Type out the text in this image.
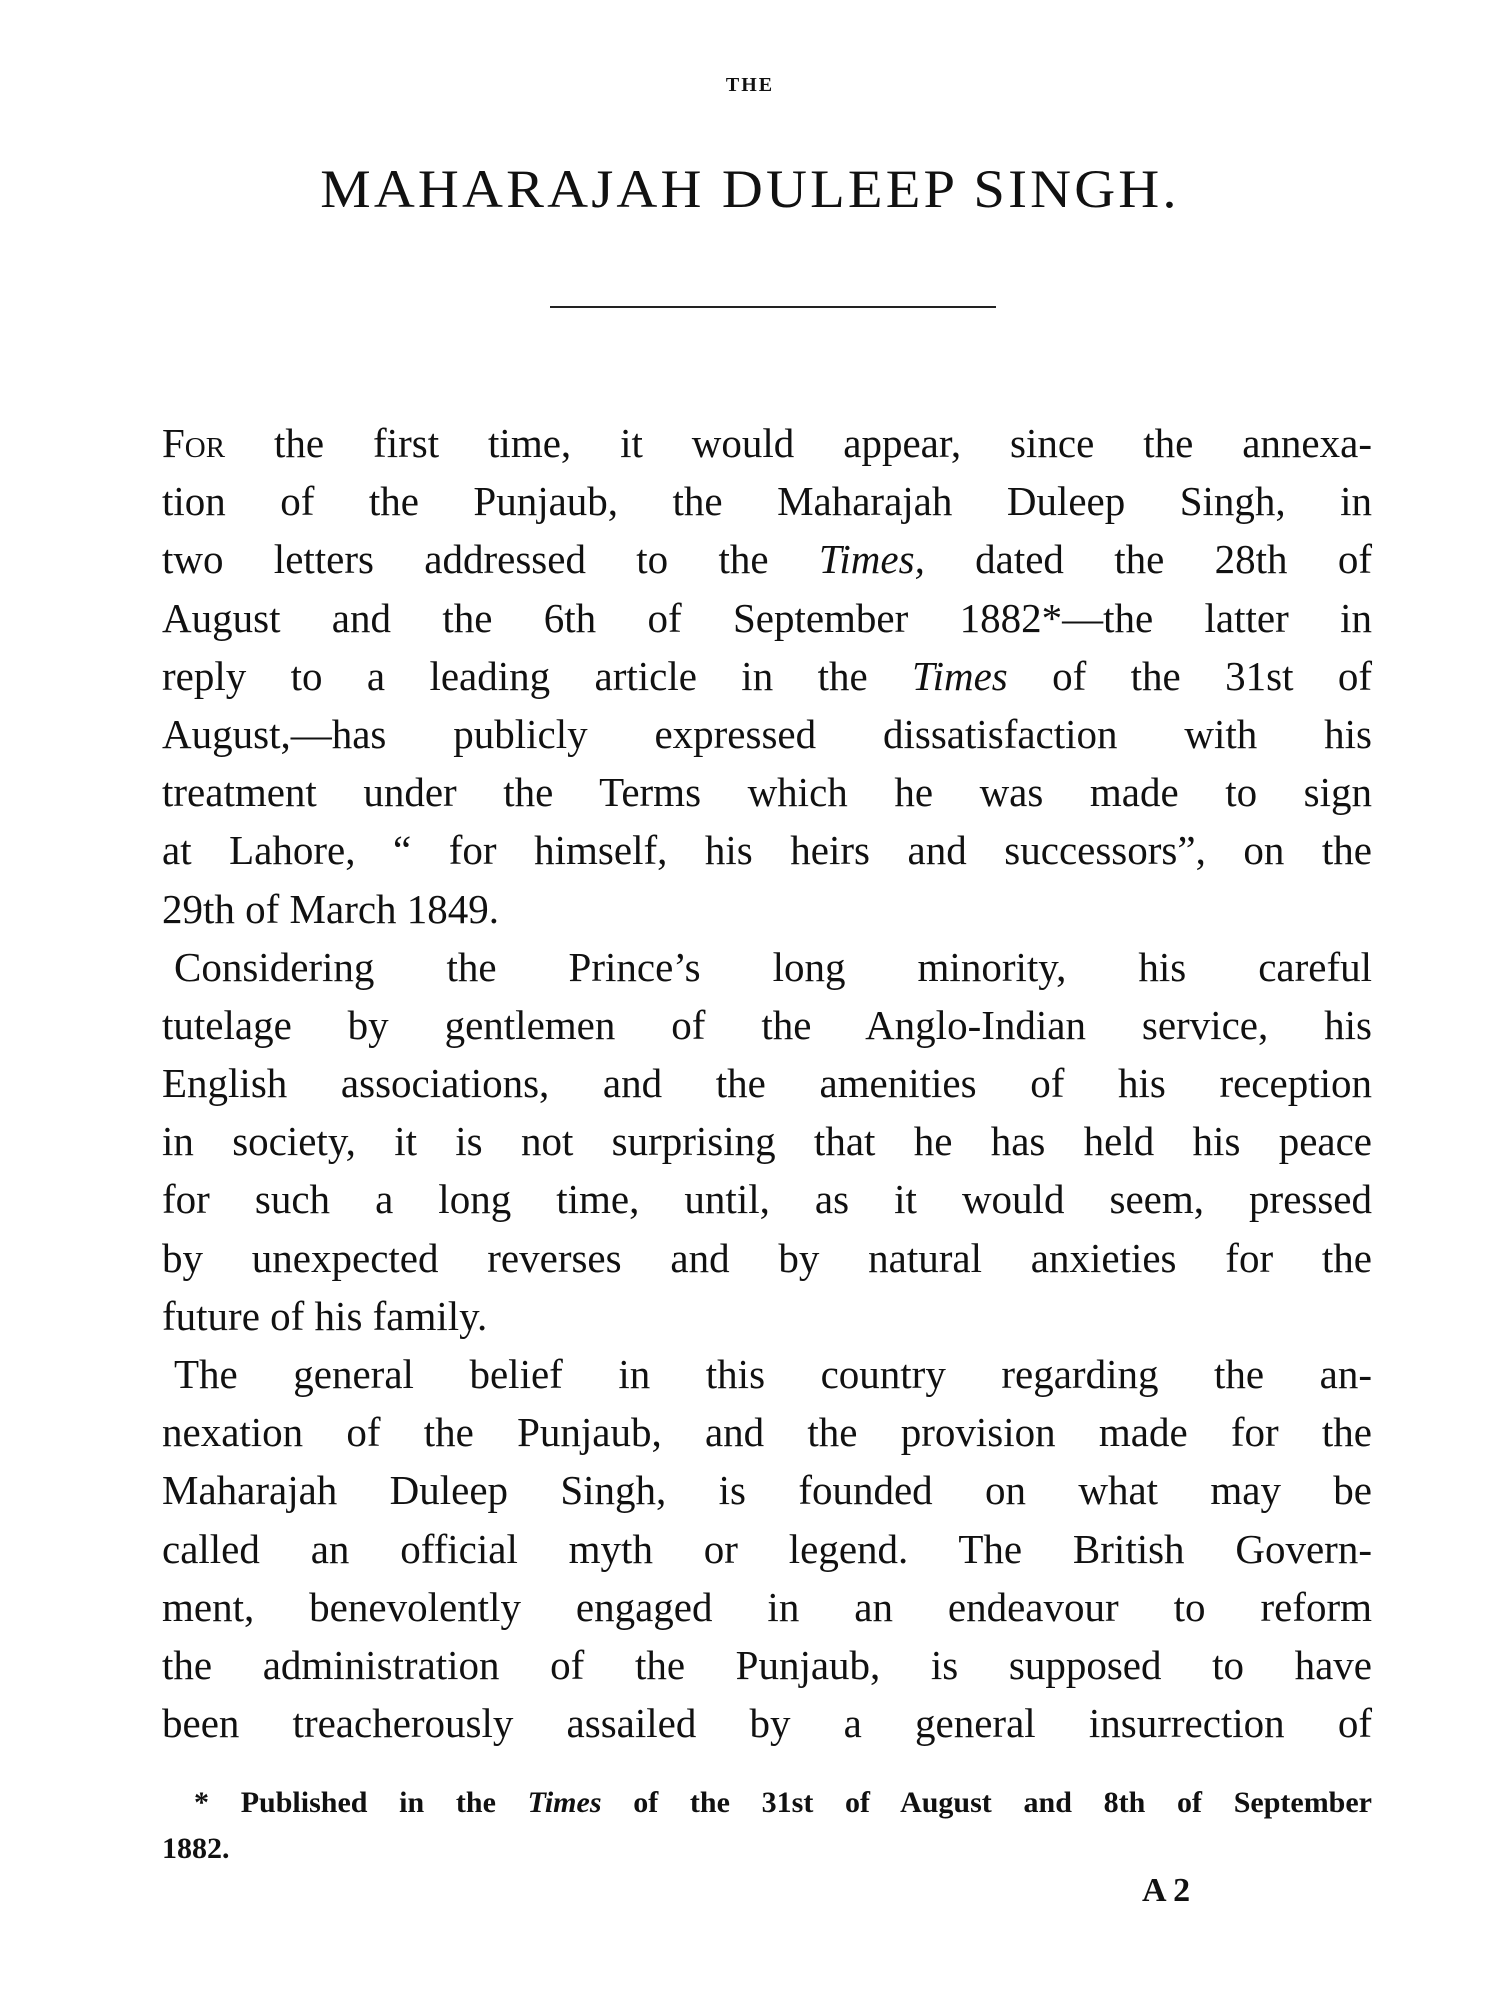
THE
MAHARAJAH DULEEP SINGH.
For the first time, it would appear, since the annexa-
tion of the Punjaub, the Maharajah Duleep Singh, in
two letters addressed to the Times, dated the 28th of
August and the 6th of September 1882*—the latter in
reply to a leading article in the Times of the 31st of
August,—has publicly expressed dissatisfaction with his
treatment under the Terms which he was made to sign
at Lahore, “ for himself, his heirs and successors”, on the
29th of March 1849.
Considering the Prince’s long minority, his careful
tutelage by gentlemen of the Anglo-Indian service, his
English associations, and the amenities of his reception
in society, it is not surprising that he has held his peace
for such a long time, until, as it would seem, pressed
by unexpected reverses and by natural anxieties for the
future of his family.
The general belief in this country regarding the an-
nexation of the Punjaub, and the provision made for the
Maharajah Duleep Singh, is founded on what may be
called an official myth or legend. The British Govern-
ment, benevolently engaged in an endeavour to reform
the administration of the Punjaub, is supposed to have
been treacherously assailed by a general insurrection of
* Published in the Times of the 31st of August and 8th of September
1882.
A 2
